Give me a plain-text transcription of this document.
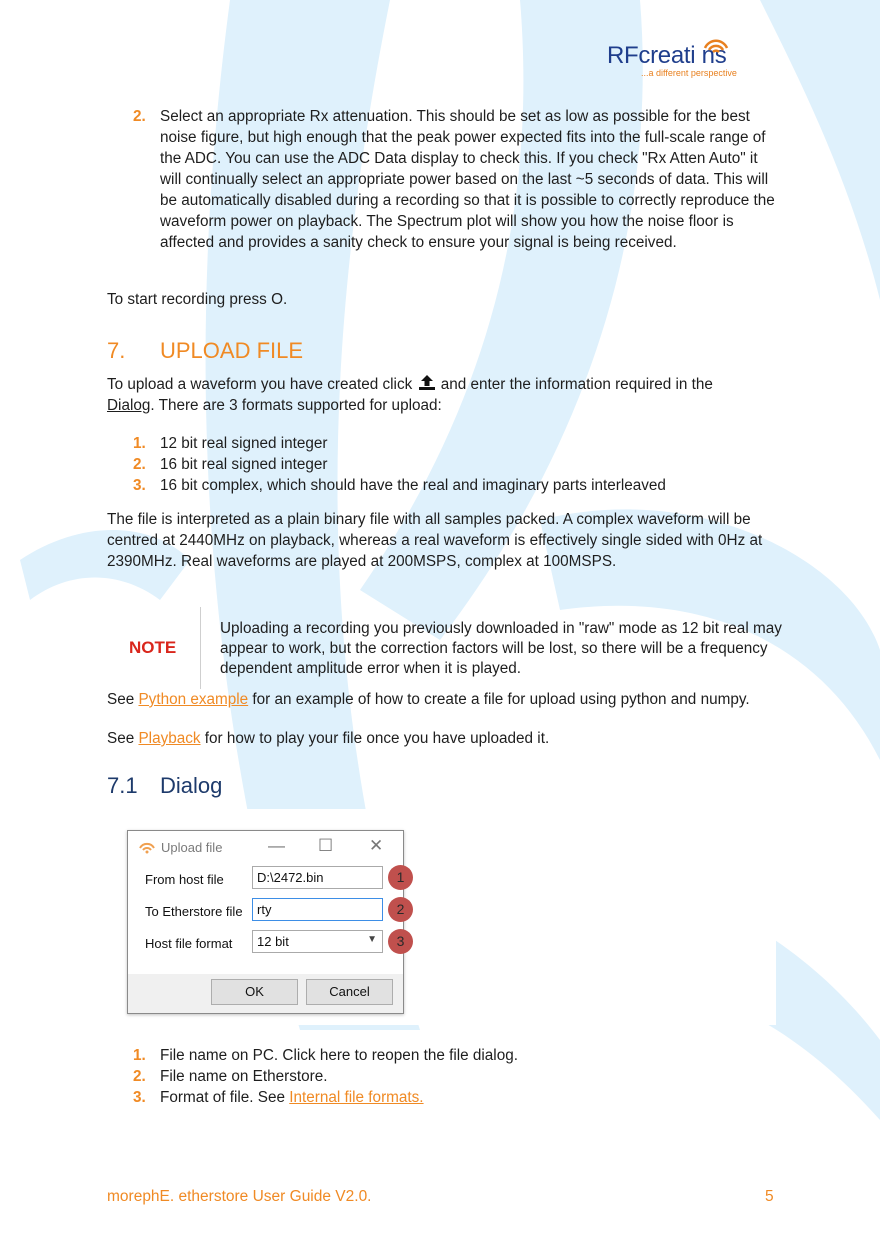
RFcreati ns
...a different perspective
2. Select an appropriate Rx attenuation. This should be set as low as possible for the best noise figure, but high enough that the peak power expected fits into the full-scale range of the ADC. You can use the ADC Data display to check this. If you check "Rx Atten Auto" it will continually select an appropriate power based on the last ~5 seconds of data. This will be automatically disabled during a recording so that it is possible to correctly reproduce the waveform power on playback. The Spectrum plot will show you how the noise floor is affected and provides a sanity check to ensure your signal is being received.
To start recording press O.
7. UPLOAD FILE
To upload a waveform you have created click and enter the information required in the Dialog. There are 3 formats supported for upload:
1. 12 bit real signed integer
2. 16 bit real signed integer
3. 16 bit complex, which should have the real and imaginary parts interleaved
The file is interpreted as a plain binary file with all samples packed. A complex waveform will be centred at 2440MHz on playback, whereas a real waveform is effectively single sided with 0Hz at 2390MHz. Real waveforms are played at 200MSPS, complex at 100MSPS.
NOTE
Uploading a recording you previously downloaded in "raw" mode as 12 bit real may appear to work, but the correction factors will be lost, so there will be a frequency dependent amplitude error when it is played.
See Python example for an example of how to create a file for upload using python and numpy.
See Playback for how to play your file once you have uploaded it.
7.1 Dialog
Upload file	— ☐ ✕
From host file	D:\2472.bin
To Etherstore file	rty
Host file format	12 bit	▼
OK	Cancel
1
2
3
1. File name on PC. Click here to reopen the file dialog.
2. File name on Etherstore.
3. Format of file. See Internal file formats.
morephE. etherstore User Guide V2.0.	5
